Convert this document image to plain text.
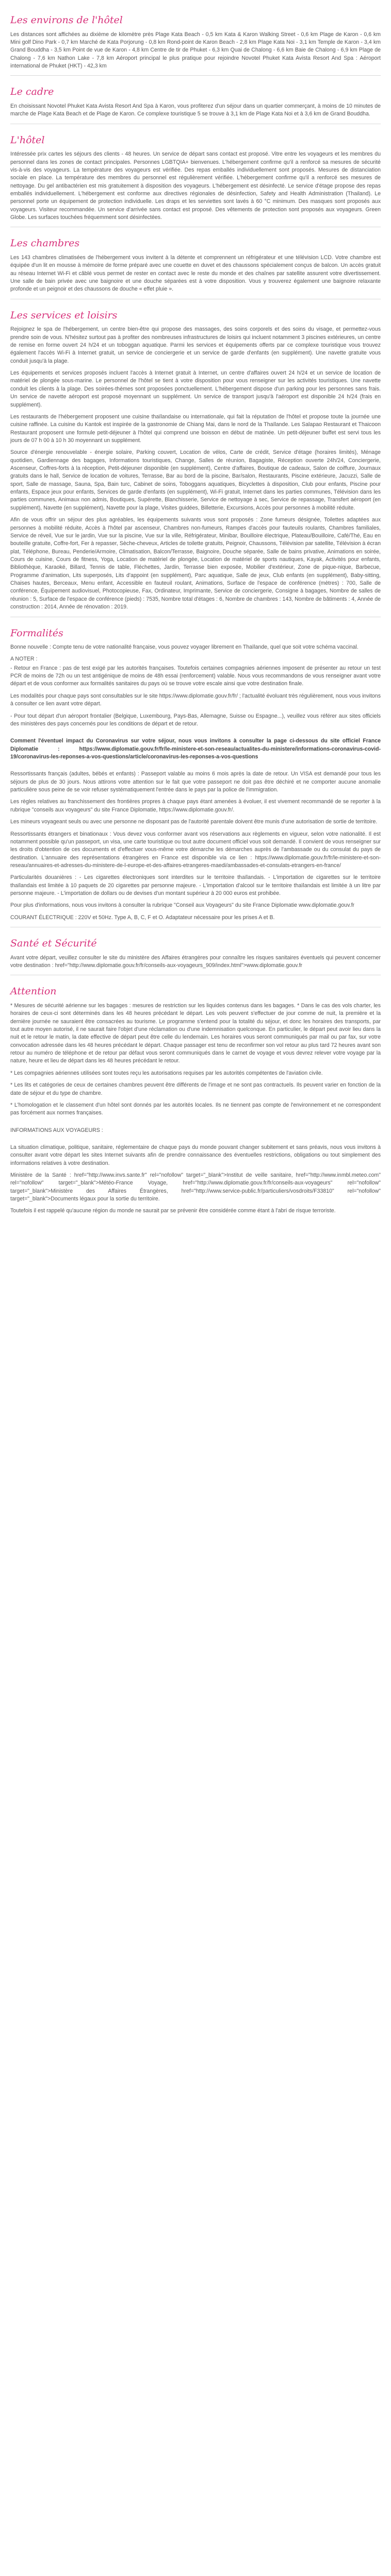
Les environs de l'hôtel

Les distances sont affichées au dixième de kilomètre près Plage Kata Beach - 0,5 km Kata & Karon Walking Street - 0,6 km Plage de Karon - 0,6 km Mini golf Dino Park - 0,7 km Marché de Kata Porjorung - 0,8 km Rond-point de Karon Beach - 2,8 km Plage Kata Noi - 3,1 km Temple de Karon - 3,4 km Grand Bouddha - 3,5 km Point de vue de Karon - 4,8 km Centre de tir de Phuket - 6,3 km Quai de Chalong - 6,6 km Baie de Chalong - 6,9 km Plage de Chalong - 7,6 km Nathon Lake - 7,8 km Aéroport principal le plus pratique pour rejoindre Novotel Phuket Kata Avista Resort And Spa : Aéroport international de Phuket (HKT) - 42,3 km

Le cadre

En choisissant Novotel Phuket Kata Avista Resort And Spa à Karon, vous profiterez d'un séjour dans un quartier commerçant, à moins de 10 minutes de marche de Plage Kata Beach et de Plage de Karon. Ce complexe touristique 5 se trouve à 3,1 km de Plage Kata Noi et à 3,6 km de Grand Bouddha.

L'hôtel

Intéressée prix cartes les séjours des clients - 48 heures. Un service de départ sans contact est proposé. Vitre entre les voyageurs et les membres du personnel dans les zones de contact principales. Personnes LGBTQIA+ bienvenues. L'hébergement confirme qu'il a renforcé sa mesures de sécurité vis-à-vis des voyageurs. La température des voyageurs est vérifiée. Des repas emballés individuellement sont proposés. Mesures de distanciation sociale en place. La température des membres du personnel est régulièrement vérifiée. L'hébergement confirme qu'il a renforcé ses mesures de nettoyage. Du gel antibactérien est mis gratuitement à disposition des voyageurs. L'hébergement est désinfecté. Le service d'étage propose des repas emballés individuellement. L'hébergement est conforme aux directives régionales de désinfection, Safety and Health Administration (Thailand). Le personnel porte un équipement de protection individuelle. Les draps et les serviettes sont lavés à 60 °C minimum. Des masques sont proposés aux voyageurs. Visiteur recommandée. Un service d'arrivée sans contact est proposé. Des vêtements de protection sont proposés aux voyageurs. Green Globe. Les surfaces touchées fréquemment sont désinfectées.

Les chambres

Les 143 chambres climatisées de l'hébergement vous invitent à la détente et comprennent un réfrigérateur et une télévision LCD. Votre chambre est équipée d'un lit en mousse à mémoire de forme préparé avec une couette en duvet et des chaussons spécialement conçus de balcon. Un accès gratuit au réseau Internet Wi-Fi et câblé vous permet de rester en contact avec le reste du monde et des chaînes par satellite assurent votre divertissement. Une salle de bain privée avec une baignoire et une douche séparées est à votre disposition. Vous y trouverez également une baignoire relaxante profonde et un peignoir et des chaussons de douche « effet pluie ».

Les services et loisirs

Rejoignez le spa de l'hébergement, un centre bien-être qui propose des massages, des soins corporels et des soins du visage, et permettez-vous prendre soin de vous. N'hésitez surtout pas à profiter des nombreuses infrastructures de loisirs qui incluent notamment 3 piscines extérieures, un centre de remise en forme ouvert 24 h/24 et un toboggan aquatique. Parmi les services et équipements offerts par ce complexe touristique vous trouvez également l'accès Wi-Fi à Internet gratuit, un service de conciergerie et un service de garde d'enfants (en supplément). Une navette gratuite vous conduit jusqu'à la plage.

Les équipements et services proposés incluent l'accès à Internet gratuit à Internet, un centre d'affaires ouvert 24 h/24 et un service de location de matériel de plongée sous-marine. Le personnel de l'hôtel se tient à votre disposition pour vous renseigner sur les activités touristiques. Une navette conduit les clients à la plage. Des soirées-thèmes sont proposées ponctuellement. L'hébergement dispose d'un parking pour les personnes sans frais. Un service de navette aéroport est proposé moyennant un supplément. Un service de transport jusqu'à l'aéroport est disponible 24 h/24 (frais en supplément).

Les restaurants de l'hébergement proposent une cuisine thaïlandaise ou internationale, qui fait la réputation de l'hôtel et propose toute la journée une cuisine raffinée. La cuisine du Kantok est inspirée de la gastronomie de Chiang Mai, dans le nord de la Thaïlande. Les Salapao Restaurant et Thaicoon Restaurant proposent une formule petit-déjeuner à l'hôtel qui comprend une boisson en début de matinée. Un petit-déjeuner buffet est servi tous les jours de 07 h 00 à 10 h 30 moyennant un supplément.

Source d'énergie renouvelable - énergie solaire, Parking couvert, Location de vélos, Carte de crédit, Service d'étage (horaires limités), Ménage quotidien, Gardiennage des bagages, Informations touristiques, Change, Salles de réunion, Bagagiste, Réception ouverte 24h/24, Conciergerie, Ascenseur, Coffres-forts à la réception, Petit-déjeuner disponible (en supplément), Centre d'affaires, Boutique de cadeaux, Salon de coiffure, Journaux gratuits dans le hall, Service de location de voitures, Terrasse, Bar au bord de la piscine, Bar/salon, Restaurants, Piscine extérieure, Jacuzzi, Salle de sport, Salle de massage, Sauna, Spa, Bain turc, Cabinet de soins, Toboggans aquatiques, Bicyclettes à disposition, Club pour enfants, Piscine pour enfants, Espace jeux pour enfants, Services de garde d'enfants (en supplément), Wi-Fi gratuit, Internet dans les parties communes, Télévision dans les parties communes, Animaux non admis, Boutiques, Supérette, Blanchisserie, Service de nettoyage à sec, Service de repassage, Transfert aéroport (en supplément), Navette (en supplément), Navette pour la plage, Visites guidées, Billetterie, Excursions, Accès pour personnes à mobilité réduite.

Afin de vous offrir un séjour des plus agréables, les équipements suivants vous sont proposés : Zone fumeurs désignée, Toilettes adaptées aux personnes à mobilité réduite, Accès à l'hôtel par ascenseur, Chambres non-fumeurs, Rampes d'accès pour fauteuils roulants, Chambres familiales, Service de réveil, Vue sur le jardin, Vue sur la piscine, Vue sur la ville, Réfrigérateur, Minibar, Bouilloire électrique, Plateau/Bouilloire, Café/Thé, Eau en bouteille gratuite, Coffre-fort, Fer à repasser, Sèche-cheveux, Articles de toilette gratuits, Peignoir, Chaussons, Télévision par satellite, Télévision à écran plat, Téléphone, Bureau, Penderie/Armoire, Climatisation, Balcon/Terrasse, Baignoire, Douche séparée, Salle de bains privative, Animations en soirée, Cours de cuisine, Cours de fitness, Yoga, Location de matériel de plongée, Location de matériel de sports nautiques, Kayak, Activités pour enfants, Bibliothèque, Karaoké, Billard, Tennis de table, Fléchettes, Jardin, Terrasse bien exposée, Mobilier d'extérieur, Zone de pique-nique, Barbecue, Programme d'animation, Lits superposés, Lits d'appoint (en supplément), Parc aquatique, Salle de jeux, Club enfants (en supplément), Baby-sitting, Chaises hautes, Berceaux, Menu enfant, Accessible en fauteuil roulant, Animations, Surface de l'espace de conférence (mètres) : 700, Salle de conférence, Équipement audiovisuel, Photocopieuse, Fax, Ordinateur, Imprimante, Service de conciergerie, Consigne à bagages, Nombre de salles de réunion : 5, Surface de l'espace de conférence (pieds) : 7535, Nombre total d'étages : 6, Nombre de chambres : 143, Nombre de bâtiments : 4, Année de construction : 2014, Année de rénovation : 2019.

Formalités

Bonne nouvelle : Compte tenu de votre nationalité française, vous pouvez voyager librement en Thaïlande, quel que soit votre schéma vaccinal.

A NOTER :

- Retour en France : pas de test exigé par les autorités françaises. Toutefois certaines compagnies aériennes imposent de présenter au retour un test PCR de moins de 72h ou un test antigénique de moins de 48h essai (renforcement) valable. Nous vous recommandons de vous renseigner avant votre départ et de vous conformer aux formalités sanitaires du pays où se trouve votre escale ainsi que votre destination finale.

Les modalités pour chaque pays sont consultables sur le site https://www.diplomatie.gouv.fr/fr/ ; l'actualité évoluant très régulièrement, nous vous invitons à consulter ce lien avant votre départ.

- Pour tout départ d'un aéroport frontalier (Belgique, Luxembourg, Pays-Bas, Allemagne, Suisse ou Espagne...), veuillez vous référer aux sites officiels des ministères des pays concernés pour les conditions de départ et de retour.

Comment l'éventuel impact du Coronavirus sur votre séjour, nous vous invitons à consulter la page ci-dessous du site officiel France Diplomatie : https://www.diplomatie.gouv.fr/fr/le-ministere-et-son-reseau/actualites-du-ministere/informations-coronavirus-covid-19/coronavirus-les-reponses-a-vos-questions/article/coronavirus-les-reponses-a-vos-questions

Ressortissants français (adultes, bébés et enfants) : Passeport valable au moins 6 mois après la date de retour. Un VISA est demandé pour tous les séjours de plus de 30 jours. Nous attirons votre attention sur le fait que votre passeport ne doit pas être déchiré et ne comporter aucune anomalie particulière sous peine de se voir refuser systématiquement l'entrée dans le pays par la police de l'immigration.

Les règles relatives au franchissement des frontières propres à chaque pays étant amenées à évoluer, il est vivement recommandé de se reporter à la rubrique "conseils aux voyageurs" du site France Diplomatie, https://www.diplomatie.gouv.fr/.

Les mineurs voyageant seuls ou avec une personne ne disposant pas de l'autorité parentale doivent être munis d'une autorisation de sortie de territoire.

Ressortissants étrangers et binationaux : Vous devez vous conformer avant vos réservations aux règlements en vigueur, selon votre nationalité. Il est notamment possible qu'un passeport, un visa, une carte touristique ou tout autre document officiel vous soit demandé. Il convient de vous renseigner sur les droits d'obtention de ces documents et d'effectuer vous-même votre démarche les démarches auprès de l'ambassade ou du consulat du pays de destination. L'annuaire des représentations étrangères en France est disponible via ce lien : https://www.diplomatie.gouv.fr/fr/le-ministere-et-son-reseau/annuaires-et-adresses-du-ministere-de-l-europe-et-des-affaires-etrangeres-maedi/ambassades-et-consulats-etrangers-en-france/

Particularités douanières : - Les cigarettes électroniques sont interdites sur le territoire thaïlandais. - L'importation de cigarettes sur le territoire thaïlandais est limitée à 10 paquets de 20 cigarettes par personne majeure. - L'importation d'alcool sur le territoire thaïlandais est limitée à un litre par personne majeure. - L'importation de dollars ou de devises d'un montant supérieur à 20 000 euros est prohibée.

Pour plus d'informations, nous vous invitons à consulter la rubrique "Conseil aux Voyageurs" du site France Diplomatie www.diplomatie.gouv.fr

COURANT ÉLECTRIQUE : 220V et 50Hz. Type A, B, C, F et O. Adaptateur nécessaire pour les prises A et B.

Santé et Sécurité

Avant votre départ, veuillez consulter le site du ministère des Affaires étrangères pour connaître les risques sanitaires éventuels qui peuvent concerner votre destination : href="http://www.diplomatie.gouv.fr/fr/conseils-aux-voyageurs_909/index.html">www.diplomatie.gouv.fr

Attention

* Mesures de sécurité aérienne sur les bagages : mesures de restriction sur les liquides contenus dans les bagages. * Dans le cas des vols charter, les horaires de ceux-ci sont déterminés dans les 48 heures précédant le départ. Les vols peuvent s'effectuer de jour comme de nuit, la première et la dernière journée ne sauraient être consacrées au tourisme. Le programme s'entend pour la totalité du séjour, et donc les horaires des transports, par tout autre moyen autorisé, il ne saurait faire l'objet d'une réclamation ou d'une indemnisation quelconque. En particulier, le départ peut avoir lieu dans la nuit et le retour le matin, la date effective de départ peut être celle du lendemain. Les horaires vous seront communiqués par mail ou par fax, sur votre convocation adressée dans les 48 heures précédant le départ. Chaque passager est tenu de reconfirmer son vol retour au plus tard 72 heures avant son retour au numéro de téléphone et de retour par défaut vous seront communiqués dans le carnet de voyage et vous devrez relever votre voyage par la nature, heure et lieu de départ dans les 48 heures précédant le retour.

* Les compagnies aériennes utilisées sont toutes reçu les autorisations requises par les autorités compétentes de l'aviation civile.

* Les lits et catégories de ceux de certaines chambres peuvent être différents de l'image et ne sont pas contractuels. Ils peuvent varier en fonction de la date de séjour et du type de chambre.

* L'homologation et le classement d'un hôtel sont donnés par les autorités locales. Ils ne tiennent pas compte de l'environnement et ne correspondent pas forcément aux normes françaises.

INFORMATIONS AUX VOYAGEURS :

La situation climatique, politique, sanitaire, réglementaire de chaque pays du monde pouvant changer subitement et sans préavis, nous vous invitons à consulter avant votre départ les sites Internet suivants afin de prendre connaissance des éventuelles restrictions, obligations ou tout simplement des informations relatives à votre destination.

Ministère de la Santé : href="http://www.invs.sante.fr" rel="nofollow" target="_blank">Institut de veille sanitaire, href="http://www.inmbl.meteo.com" rel="nofollow" target="_blank">Météo-France Voyage, href="http://www.diplomatie.gouv.fr/fr/conseils-aux-voyageurs" rel="nofollow" target="_blank">Ministère des Affaires Étrangères, href="http://www.service-public.fr/particuliers/vosdroits/F33810" rel="nofollow" target="_blank">Documents légaux pour la sortie du territoire.

Toutefois il est rappelé qu'aucune région du monde ne saurait par se prévenir être considérée comme étant à l'abri de risque terroriste.
